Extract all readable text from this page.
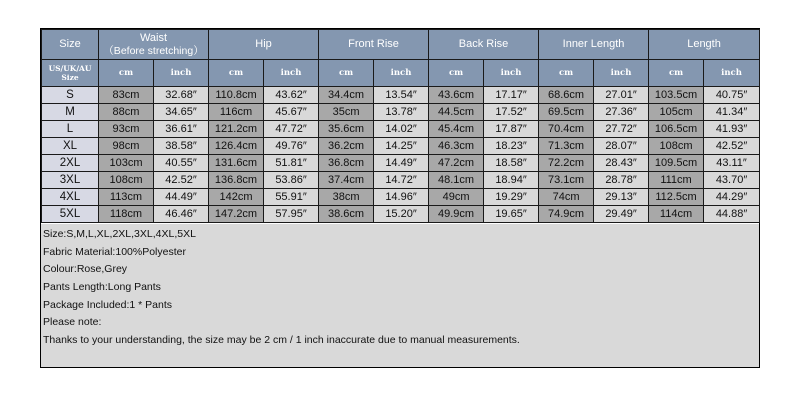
Size	Waist
（Before stretching）		Hip		Front Rise		Back Rise		Inner Length		Length	

US/UK/AU
Size	cm	inch	cm	inch	cm	inch	cm	inch	cm	inch	cm	inch
S	83cm	32.68″	110.8cm	43.62″	34.4cm	13.54″	43.6cm	17.17″	68.6cm	27.01″	103.5cm	40.75″
M	88cm	34.65″	116cm	45.67″	35cm	13.78″	44.5cm	17.52″	69.5cm	27.36″	105cm	41.34″
L	93cm	36.61″	121.2cm	47.72″	35.6cm	14.02″	45.4cm	17.87″	70.4cm	27.72″	106.5cm	41.93″
XL	98cm	38.58″	126.4cm	49.76″	36.2cm	14.25″	46.3cm	18.23″	71.3cm	28.07″	108cm	42.52″
2XL	103cm	40.55″	131.6cm	51.81″	36.8cm	14.49″	47.2cm	18.58″	72.2cm	28.43″	109.5cm	43.11″
3XL	108cm	42.52″	136.8cm	53.86″	37.4cm	14.72″	48.1cm	18.94″	73.1cm	28.78″	111cm	43.70″
4XL	113cm	44.49″	142cm	55.91″	38cm	14.96″	49cm	19.29″	74cm	29.13″	112.5cm	44.29″
5XL	118cm	46.46″	147.2cm	57.95″	38.6cm	15.20″	49.9cm	19.65″	74.9cm	29.49″	114cm	44.88″
Size:S,M,L,XL,2XL,3XL,4XL,5XL
Fabric Material:100%Polyester
Colour:Rose,Grey
Pants Length:Long Pants
Package Included:1 * Pants
Please note:
Thanks to your understanding, the size may be 2 cm / 1 inch inaccurate due to manual measurements.
